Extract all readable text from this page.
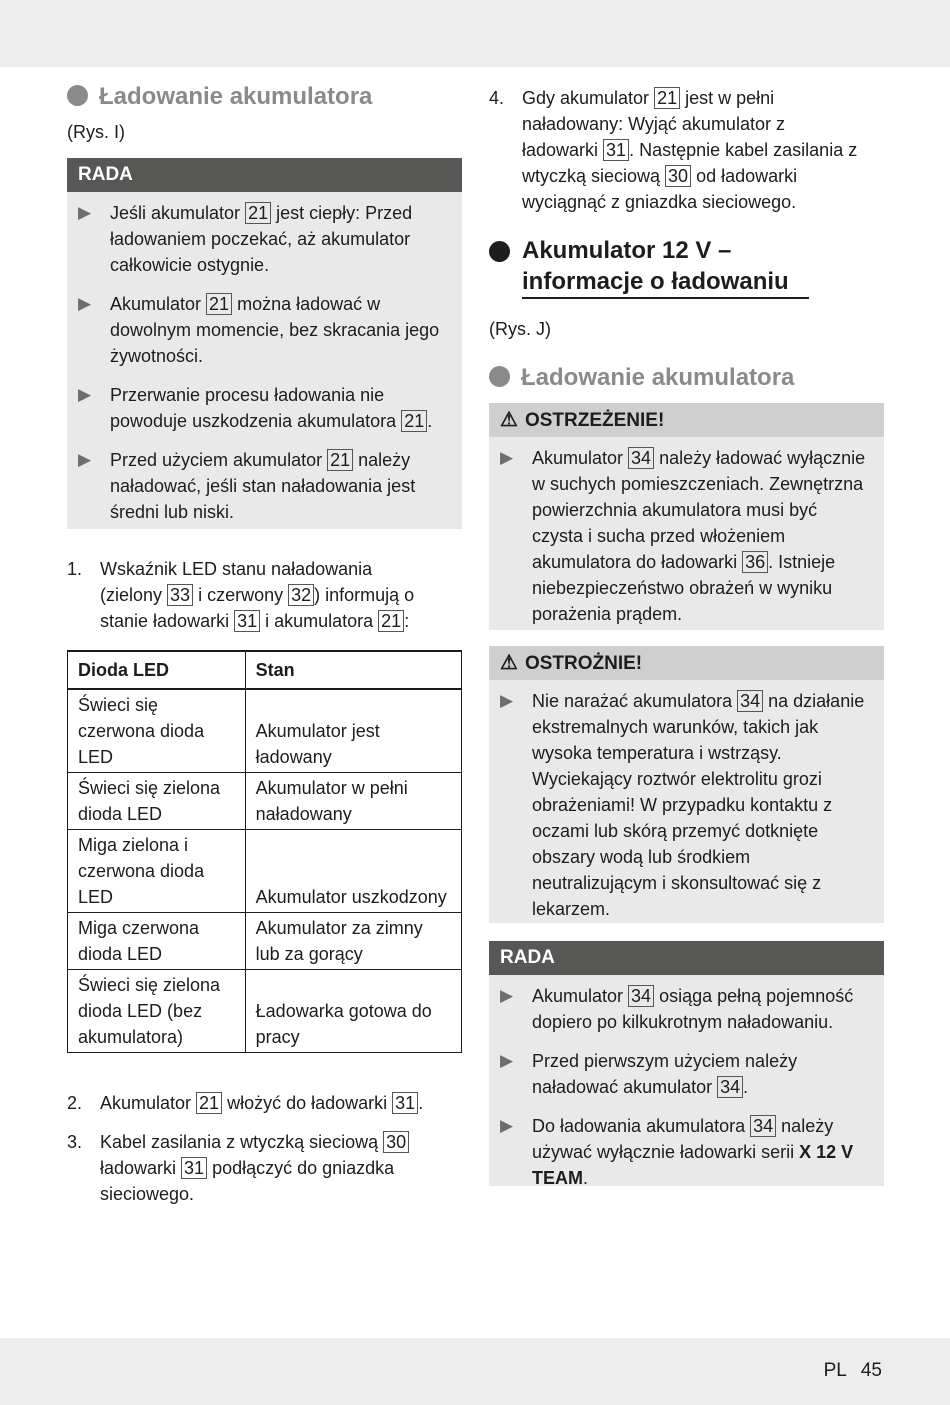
Ładowanie akumulatora
(Rys. I)
RADA
▶ Jeśli akumulator 21 jest ciepły: Przed ładowaniem poczekać, aż akumulator całkowicie ostygnie.
▶ Akumulator 21 można ładować w dowolnym momencie, bez skracania jego żywotności.
▶ Przerwanie procesu ładowania nie powoduje uszkodzenia akumulatora 21 .
▶ Przed użyciem akumulator 21 należy naładować, jeśli stan naładowania jest średni lub niski.
1. Wskaźnik LED stanu naładowania (zielony 33 i czerwony 32 ) informują o stanie ładowarki 31 i akumulatora 21 :
Dioda LED	Stan
Świeci się czerwona dioda LED	Akumulator jest ładowany
Świeci się zielona dioda LED	Akumulator w pełni naładowany
Miga zielona i czerwona dioda LED	Akumulator uszkodzony
Miga czerwona dioda LED	Akumulator za zimny lub za gorący
Świeci się zielona dioda LED (bez akumulatora)	Ładowarka gotowa do pracy
2. Akumulator 21 włożyć do ładowarki 31 .
3. Kabel zasilania z wtyczką sieciową 30 ładowarki 31 podłączyć do gniazdka sieciowego.
4. Gdy akumulator 21 jest w pełni naładowany: Wyjąć akumulator z ładowarki 31 . Następnie kabel zasilania z wtyczką sieciową 30 od ładowarki wyciągnąć z gniazdka sieciowego.
Akumulator 12 V – informacje o ładowaniu
(Rys. J)
Ładowanie akumulatora
⚠ OSTRZEŻENIE!
▶ Akumulator 34 należy ładować wyłącznie w suchych pomieszczeniach. Zewnętrzna powierzchnia akumulatora musi być czysta i sucha przed włożeniem akumulatora do ładowarki 36 . Istnieje niebezpieczeństwo obrażeń w wyniku porażenia prądem.
⚠ OSTROŻNIE!
▶ Nie narażać akumulatora 34 na działanie ekstremalnych warunków, takich jak wysoka temperatura i wstrząsy. Wyciekający roztwór elektrolitu grozi obrażeniami! W przypadku kontaktu z oczami lub skórą przemyć dotknięte obszary wodą lub środkiem neutralizującym i skonsultować się z lekarzem.
RADA
▶ Akumulator 34 osiąga pełną pojemność dopiero po kilkukrotnym naładowaniu.
▶ Przed pierwszym użyciem należy naładować akumulator 34 .
▶ Do ładowania akumulatora 34 należy używać wyłącznie ładowarki serii X 12 V TEAM.
PL 45
